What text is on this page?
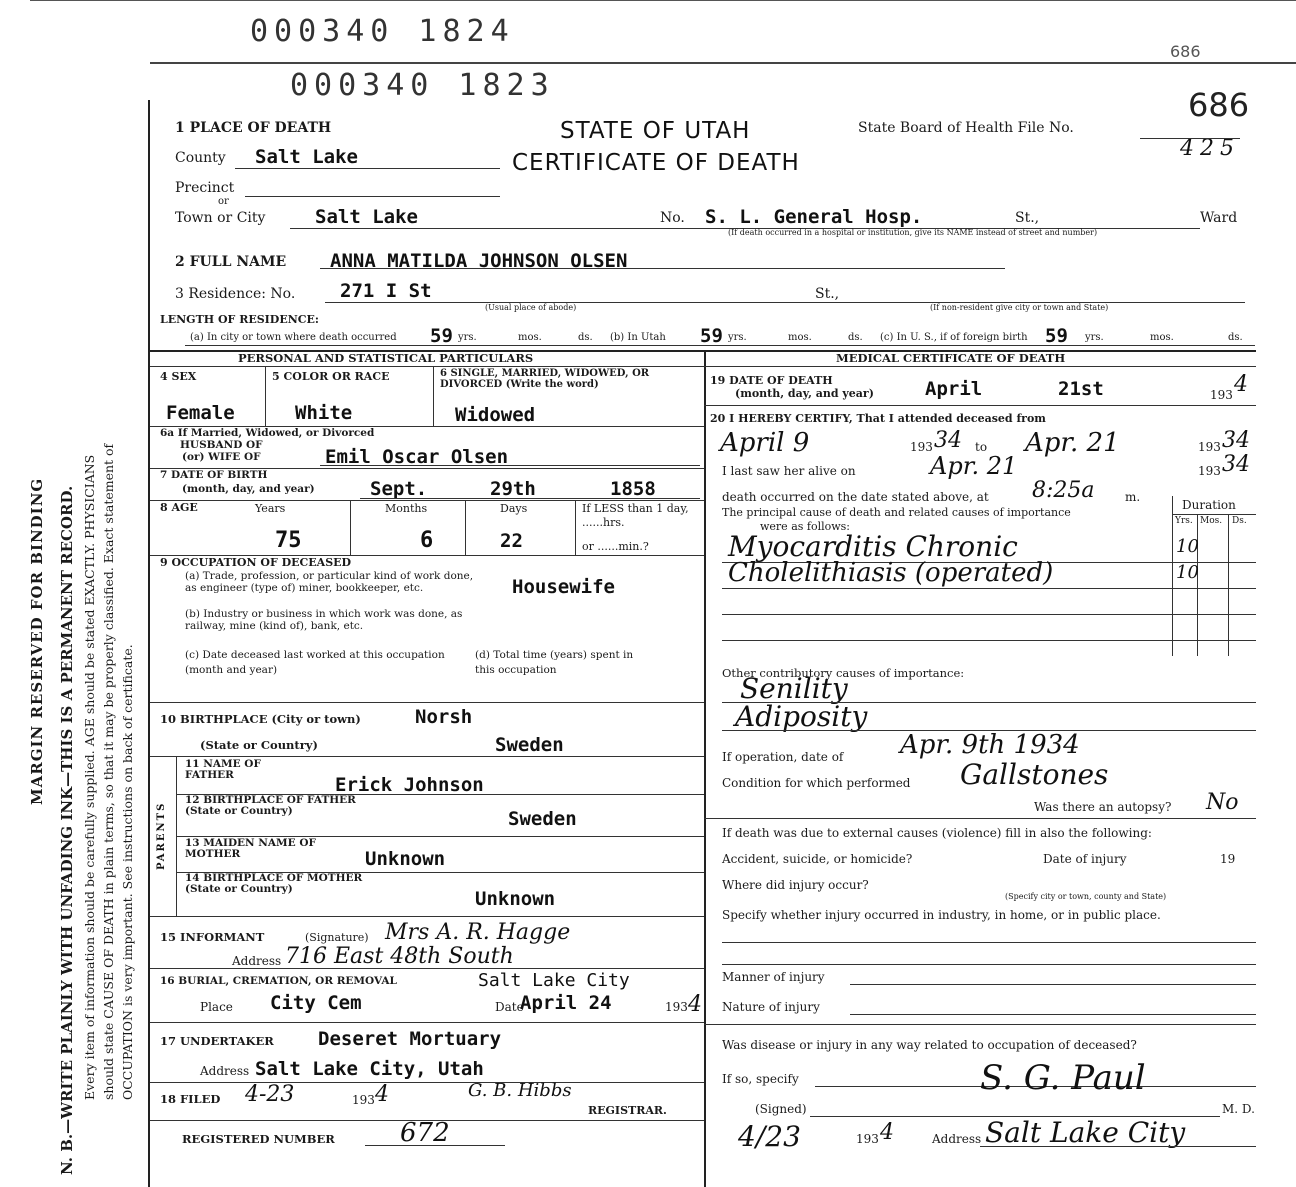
000340 1824
000340 1823
686
MARGIN RESERVED FOR BINDING N. B.—WRITE PLAINLY WITH UNFADING INK—THIS IS A PERMANENT RECORD. Every item of information should be carefully supplied. AGE should be stated EXACTLY. PHYSICIANS should state CAUSE OF DEATH in plain terms, so that it may be properly classified. Exact statement of OCCUPATION is very important. See instructions on back of certificate.
STATE OF UTAH
CERTIFICATE OF DEATH
State Board of Health File No.
686
425
1 PLACE OF DEATH
County Salt Lake
Precinct
or
Town or City	Salt Lake	No. S. L. General Hosp.	St.,	Ward
(If death occurred in a hospital or institution, give its NAME instead of street and number)
2 FULL NAME ANNA MATILDA JOHNSON OLSEN
3 Residence: No. 271 I St
(Usual place of abode)
St.,
(If non-resident give city or town and State)
LENGTH OF RESIDENCE:
(a) In city or town where death occurred 59 yrs.	mos.	ds. (b) In Utah 59 yrs.	mos.	ds. (c) In U. S., if of foreign birth 59 yrs.	mos.	ds.
PERSONAL AND STATISTICAL PARTICULARS	MEDICAL CERTIFICATE OF DEATH
4 SEX
Female
5 COLOR OR RACE
White
6 SINGLE, MARRIED, WIDOWED, OR DIVORCED (Write the word)
Widowed
6a If Married, Widowed, or Divorced
HUSBAND OF
(or) WIFE OF	Emil Oscar Olsen
7 DATE OF BIRTH
(month, day, and year)	Sept.	29th	1858
8 AGE	Years	Months	Days	If LESS than 1 day, ......hrs.
or ......min.?
75	6	22
9 OCCUPATION OF DECEASED
(a) Trade, profession, or particular kind of work done, as engineer (type of) miner, bookkeeper, etc.	Housewife
(b) Industry or business in which work was done, as railway, mine (kind of), bank, etc.
(c) Date deceased last worked at this occupation (month and year)
(d) Total time (years) spent in this occupation
10 BIRTHPLACE (City or town)	Norsh
(State or Country)	Sweden
PARENTS
11 NAME OF FATHER	Erick Johnson
12 BIRTHPLACE OF FATHER (State or Country)	Sweden
13 MAIDEN NAME OF MOTHER	Unknown
14 BIRTHPLACE OF MOTHER (State or Country)	Unknown
15 INFORMANT	(Signature) Mrs A. R. Hagge
Address 716 East 48th South
16 BURIAL, CREMATION, OR REMOVAL	Salt Lake City
Place City Cem	Date
April 24	193 4
17 UNDERTAKER Deseret Mortuary
Address Salt Lake City, Utah
18 FILED 4-23	193 4	G. B. Hibbs
REGISTRAR.
REGISTERED NUMBER	672
19 DATE OF DEATH
(month, day, and year)	April	21st	193 4
20 I HEREBY CERTIFY, That I attended deceased from
April 9	193 34 to Apr. 21	193 34
I last saw her alive on	Apr. 21	193 34
death occurred on the date stated above, at 8:25a	m.
The principal cause of death and related causes of importance
were as follows:
Duration
Yrs. Mos. Ds.
Myocarditis Chronic	10
Cholelithiasis (operated)	10
Other contributory causes of importance:
Senility
Adiposity
If operation, date of Apr. 9th 1934
Condition for which performed Gallstones
Was there an autopsy? No
If death was due to external causes (violence) fill in also the following:
Accident, suicide, or homicide?	Date of injury	19
Where did injury occur?
(Specify city or town, county and State)
Specify whether injury occurred in industry, in home, or in public place.
Manner of injury
Nature of injury
Was disease or injury in any way related to occupation of deceased?
If so, specify	S. G. Paul
(Signed)	M. D.
4/23	193 4	Address Salt Lake City
